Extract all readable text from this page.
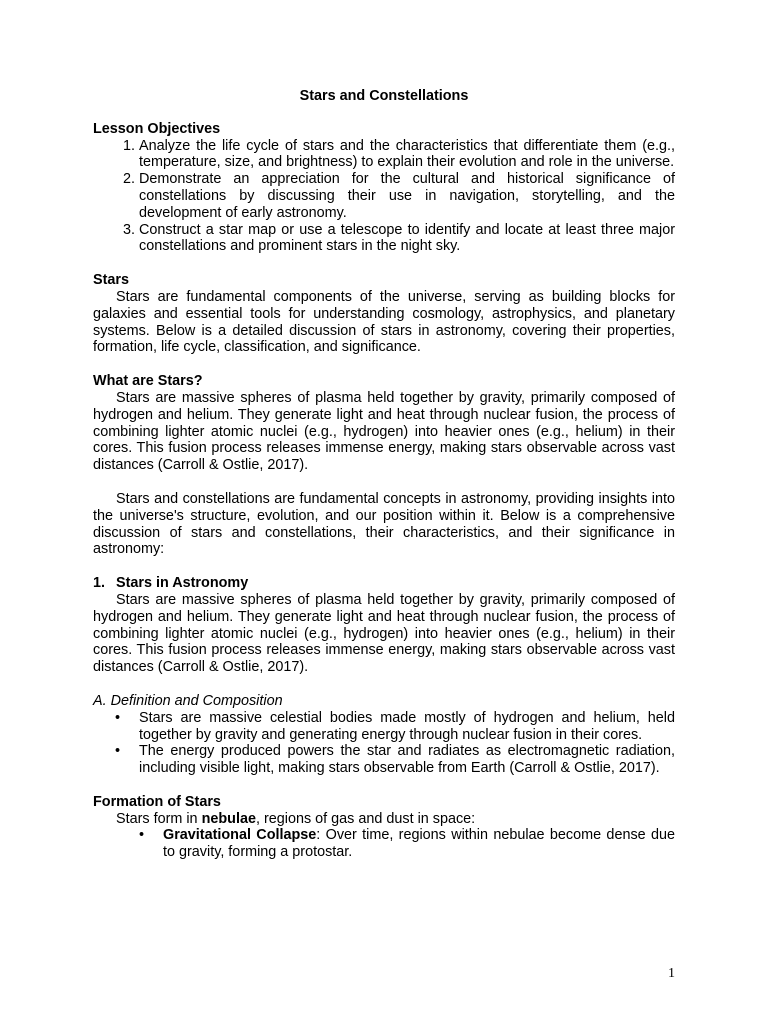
Stars and Constellations

Lesson Objectives

1. Analyze the life cycle of stars and the characteristics that differentiate them (e.g., temperature, size, and brightness) to explain their evolution and role in the universe.
2. Demonstrate an appreciation for the cultural and historical significance of constellations by discussing their use in navigation, storytelling, and the development of early astronomy.
3. Construct a star map or use a telescope to identify and locate at least three major constellations and prominent stars in the night sky.

Stars

Stars are fundamental components of the universe, serving as building blocks for galaxies and essential tools for understanding cosmology, astrophysics, and planetary systems. Below is a detailed discussion of stars in astronomy, covering their properties, formation, life cycle, classification, and significance.

What are Stars?

Stars are massive spheres of plasma held together by gravity, primarily composed of hydrogen and helium. They generate light and heat through nuclear fusion, the process of combining lighter atomic nuclei (e.g., hydrogen) into heavier ones (e.g., helium) in their cores. This fusion process releases immense energy, making stars observable across vast distances (Carroll & Ostlie, 2017).

Stars and constellations are fundamental concepts in astronomy, providing insights into the universe's structure, evolution, and our position within it. Below is a comprehensive discussion of stars and constellations, their characteristics, and their significance in astronomy:

1. Stars in Astronomy

Stars are massive spheres of plasma held together by gravity, primarily composed of hydrogen and helium. They generate light and heat through nuclear fusion, the process of combining lighter atomic nuclei (e.g., hydrogen) into heavier ones (e.g., helium) in their cores. This fusion process releases immense energy, making stars observable across vast distances (Carroll & Ostlie, 2017).

A. Definition and Composition

• Stars are massive celestial bodies made mostly of hydrogen and helium, held together by gravity and generating energy through nuclear fusion in their cores.
• The energy produced powers the star and radiates as electromagnetic radiation, including visible light, making stars observable from Earth (Carroll & Ostlie, 2017).

Formation of Stars

Stars form in nebulae, regions of gas and dust in space:

• Gravitational Collapse: Over time, regions within nebulae become dense due to gravity, forming a protostar.
1
